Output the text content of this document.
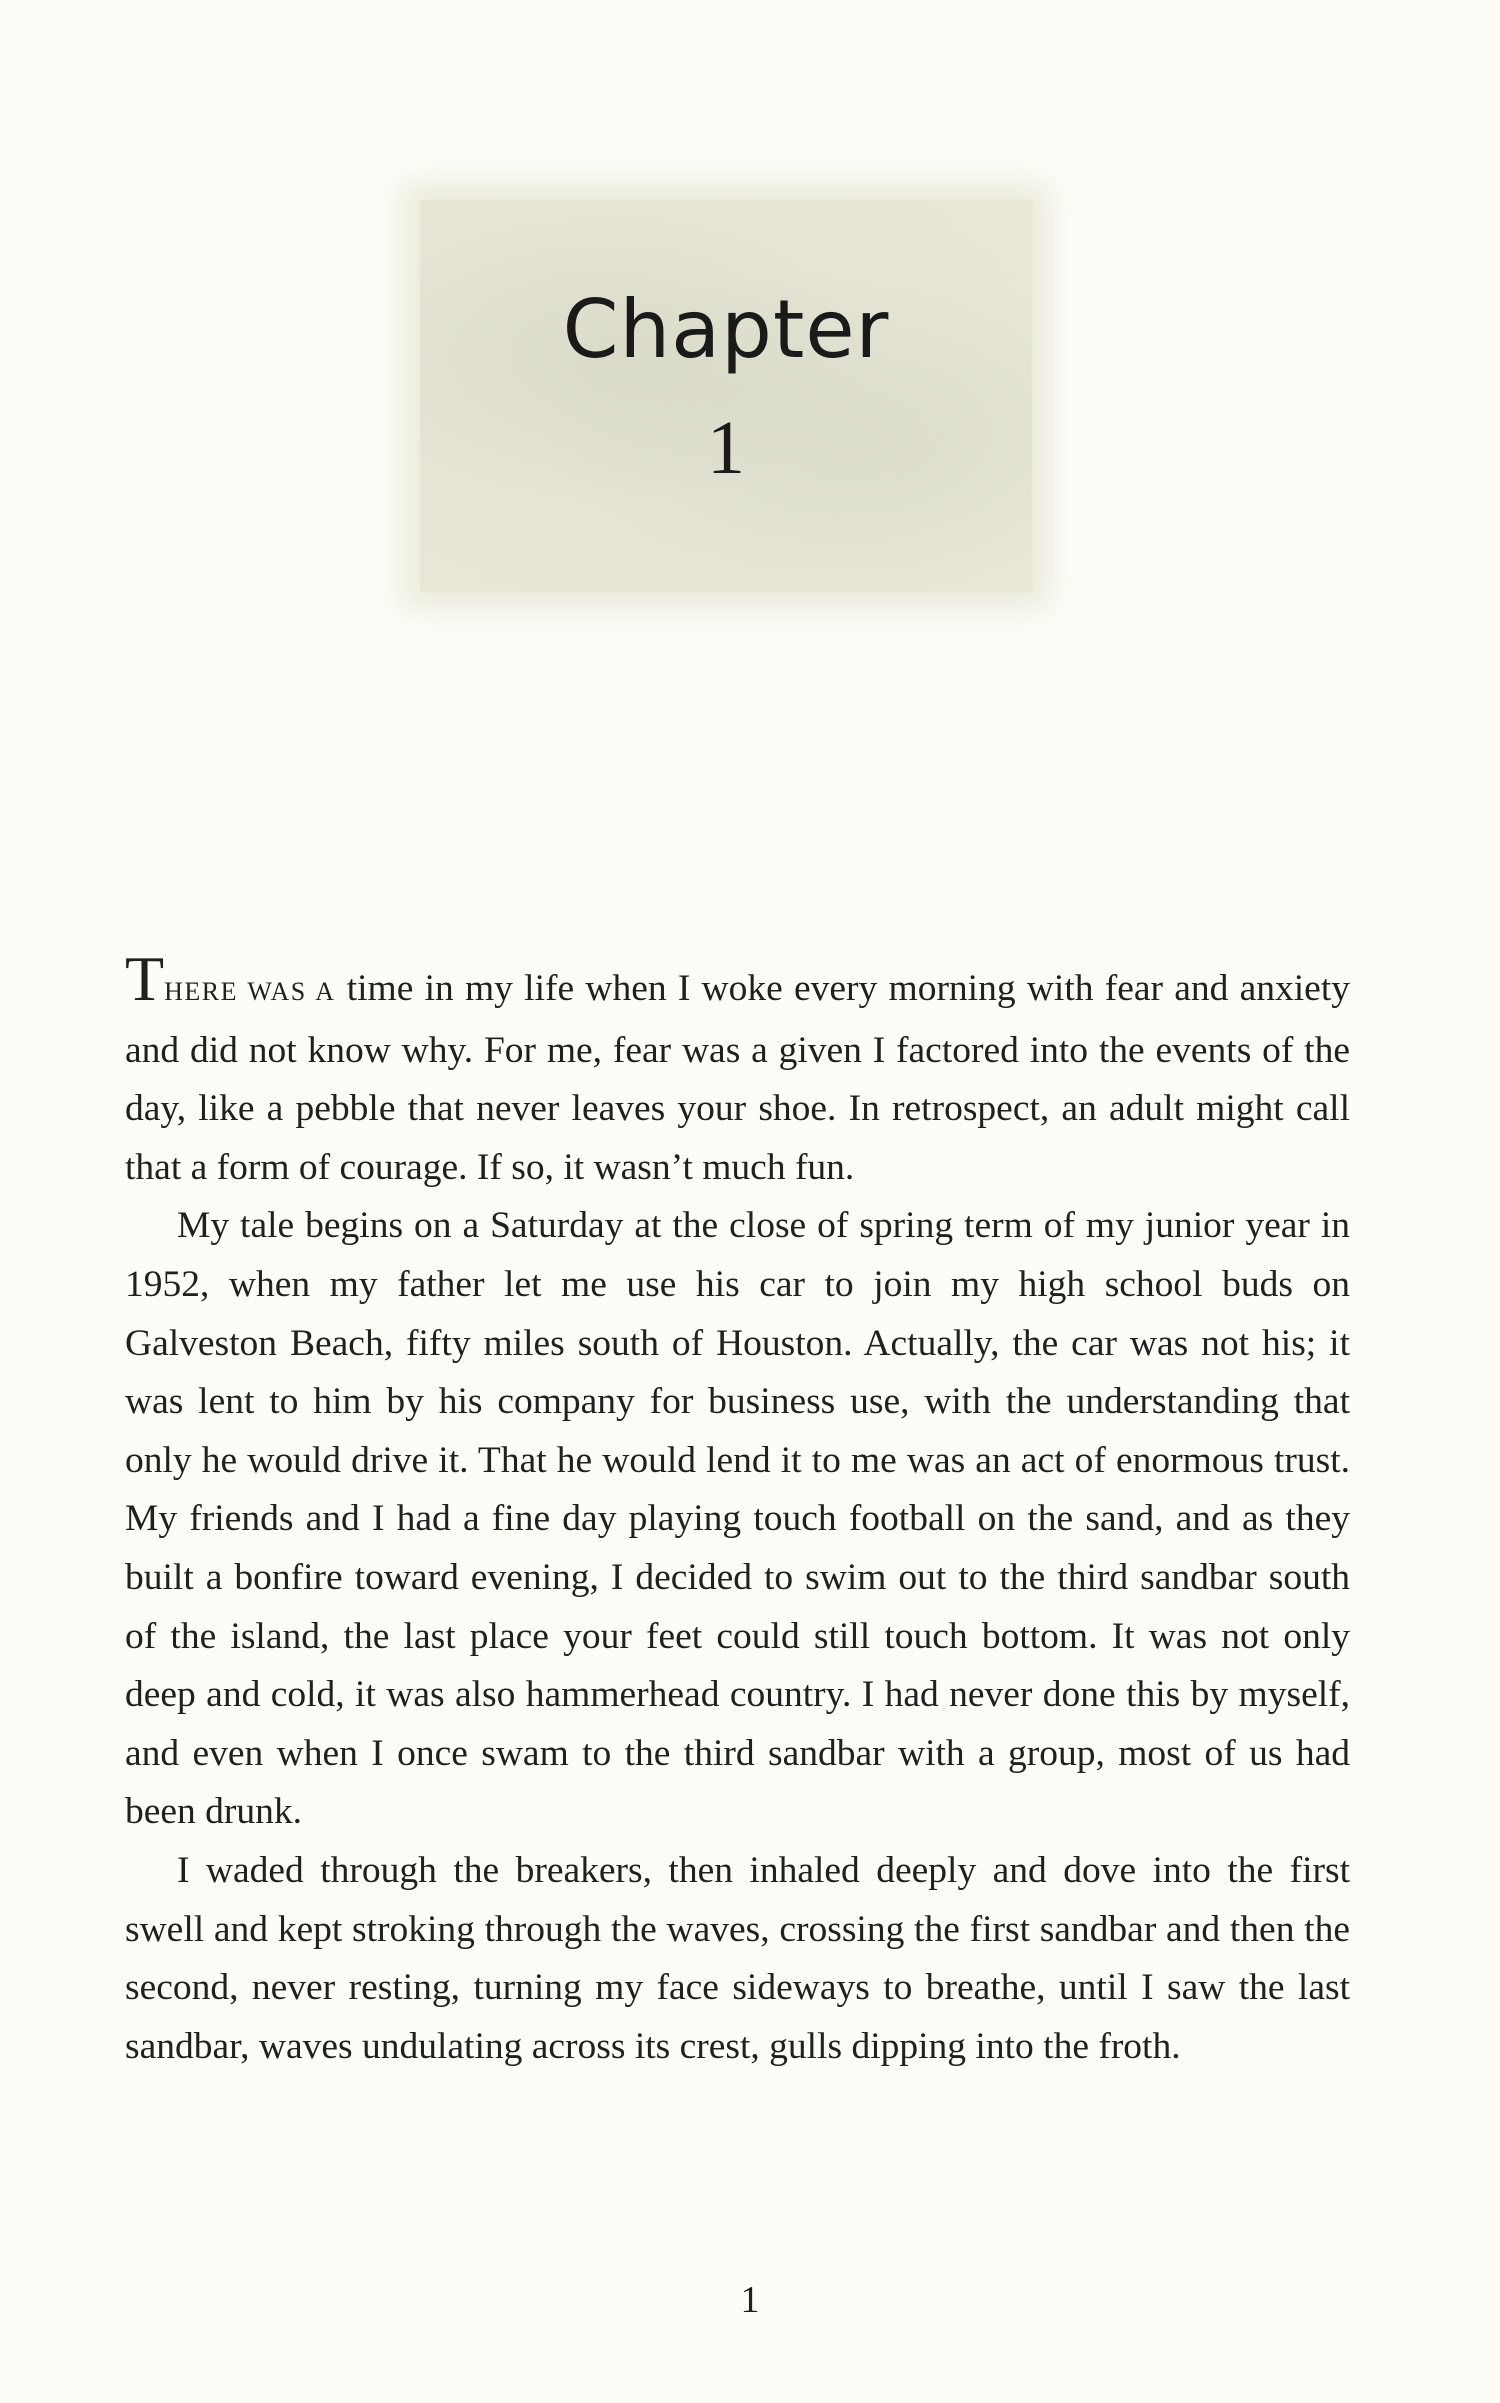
Chapter
1

THERE WAS A time in my life when I woke every morning with fear and anxiety and did not know why. For me, fear was a given I factored into the events of the day, like a pebble that never leaves your shoe. In retrospect, an adult might call that a form of courage. If so, it wasn’t much fun.

My tale begins on a Saturday at the close of spring term of my junior year in 1952, when my father let me use his car to join my high school buds on Galveston Beach, fifty miles south of Houston. Actually, the car was not his; it was lent to him by his company for business use, with the understanding that only he would drive it. That he would lend it to me was an act of enormous trust. My friends and I had a fine day playing touch football on the sand, and as they built a bonfire toward evening, I decided to swim out to the third sandbar south of the island, the last place your feet could still touch bottom. It was not only deep and cold, it was also hammerhead country. I had never done this by myself, and even when I once swam to the third sandbar with a group, most of us had been drunk.

I waded through the breakers, then inhaled deeply and dove into the first swell and kept stroking through the waves, crossing the first sandbar and then the second, never resting, turning my face sideways to breathe, until I saw the last sandbar, waves undulating across its crest, gulls dipping into the froth.

1
